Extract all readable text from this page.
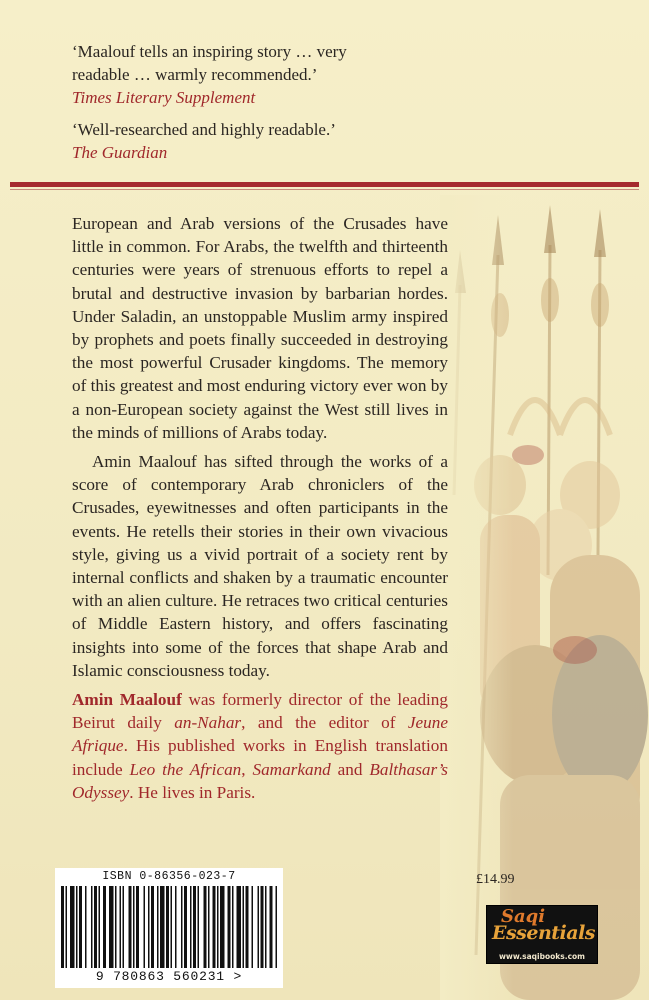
‘Maalouf tells an inspiring story … very
readable … warmly recommended.’
Times Literary Supplement
‘Well-researched and highly readable.’
The Guardian

European and Arab versions of the Crusades have little in common. For Arabs, the twelfth and thirteenth centuries were years of strenuous efforts to repel a brutal and destructive invasion by barbarian hordes. Under Saladin, an unstoppable Muslim army inspired by prophets and poets finally succeeded in destroying the most powerful Crusader kingdoms. The memory of this greatest and most enduring victory ever won by a non-European society against the West still lives in the minds of millions of Arabs today.

Amin Maalouf has sifted through the works of a score of contemporary Arab chroniclers of the Crusades, eyewitnesses and often participants in the events. He retells their stories in their own vivacious style, giving us a vivid portrait of a society rent by internal conflicts and shaken by a traumatic encounter with an alien culture. He retraces two critical centuries of Middle Eastern history, and offers fascinating insights into some of the forces that shape Arab and Islamic consciousness today.

Amin Maalouf was formerly director of the leading Beirut daily an-Nahar, and the editor of Jeune Afrique. His published works in English translation include Leo the African, Samarkand and Balthasar’s Odyssey. He lives in Paris.

ISBN 0-86356-023-7
9 780863 560231 >
£14.99
Saqi
Essentials
www.saqibooks.com
